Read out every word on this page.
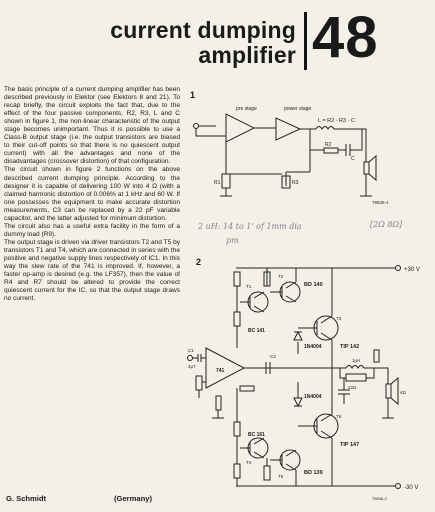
current dumping
amplifier 48

The basic principle of a current dumping amplifier has been described previously in Elektor (see Elektors 8 and 21). To recap briefly, the circuit exploits the fact that, due to the effect of the four passive components, R2, R3, L and C shown in figure 1, the non-linear characteristic of the output stage becomes unimportant. Thus it is possible to use a Class-B output stage (i.e. the output transistors are biased to their cut-off points so that there is no quiescent output current) with all the advantages and none of the disadvantages (crossover distortion) of that configuration.

The circuit shown in figure 2 functions on the above described current dumping principle. According to the designer it is capable of delivering 100 W into 4 Ω (with a claimed harmonic distortion of 0.006% at 1 kHz and 60 W. If one possesses the equipment to make accurate distortion measurements, C3 can be replaced by a 22 pF variable capacitor, and the latter adjusted for minimum distortion.

The circuit also has a useful extra facility in the form of a dummy load (R9).

The output stage is driven via driver transistors T2 and T5 by transistors T1 and T4, which are connected in series with the positive and negative supply lines respectively of IC1. In this way the slew rate of the 741 is improved. If, however, a faster op-amp is desired (e.g. the LF357), then the value of R4 and R7 should be altered to provide the correct quiescent current for the IC, so that the output stage draws no current.

G. Schmidt	(Germany)
1
pre stage	power stage
L = R2 · R3 · C
R2
R3
C
R1
79636-1
2 uH: 14 to 1' of 1mm dia
pm
[2Ω 8Ω]
2
+30 V
-30 V
T1
T2
T3
T4
T5
T6
BD 140
BC 141
TIP 142
1N4004
741
BC 161
BD 139
TIP 147
1N4004
C1
4μ7
C3
1μH
22Ω
4Ω
79636-2
